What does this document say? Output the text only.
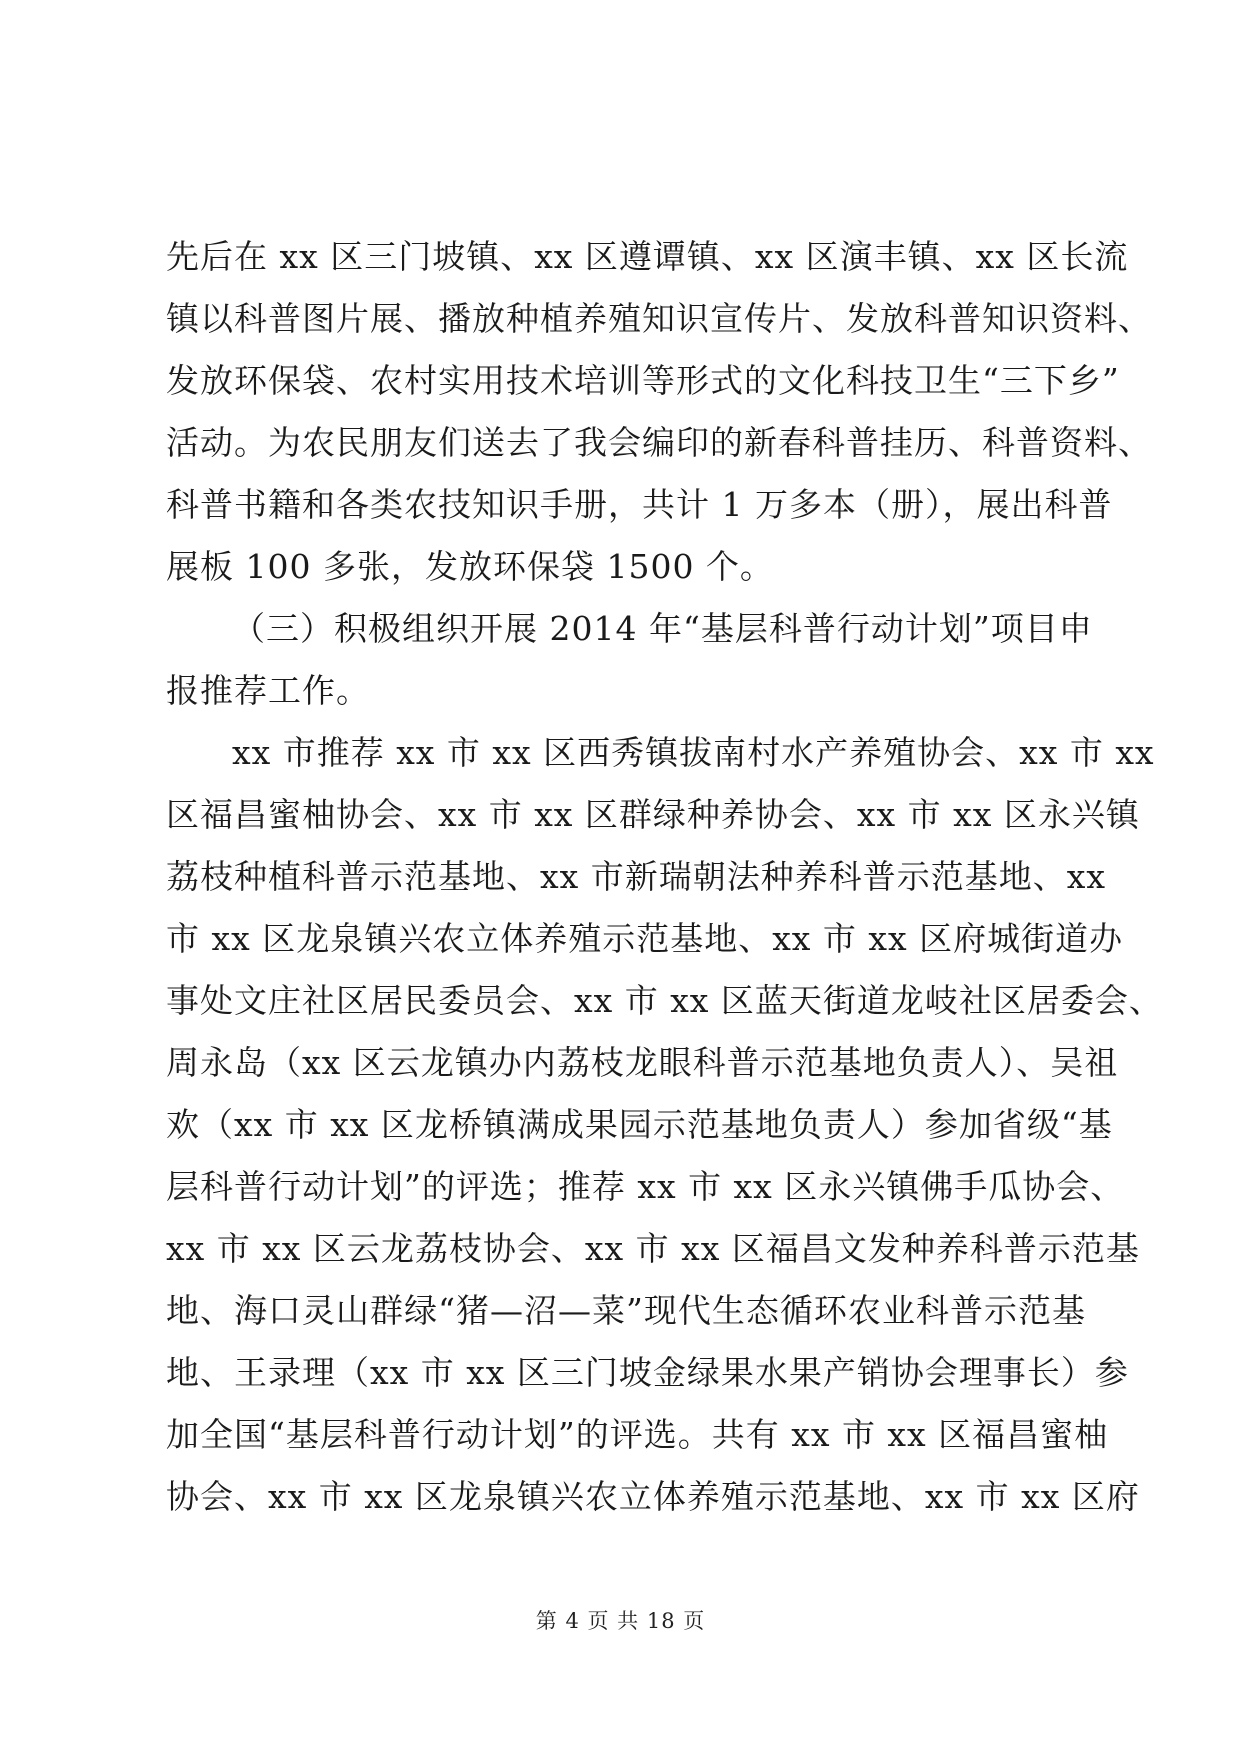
先后在 xx 区三门坡镇、xx 区遵谭镇、xx 区演丰镇、xx 区长流
镇以科普图片展、播放种植养殖知识宣传片、发放科普知识资料、
发放环保袋、农村实用技术培训等形式的文化科技卫生“三下乡”
活动。为农民朋友们送去了我会编印的新春科普挂历、科普资料、
科普书籍和各类农技知识手册，共计 1 万多本（册），展出科普
展板 100 多张，发放环保袋 1500 个。
（三）积极组织开展 2014 年“基层科普行动计划”项目申
报推荐工作。
xx 市推荐 xx 市 xx 区西秀镇拔南村水产养殖协会、xx 市 xx
区福昌蜜柚协会、xx 市 xx 区群绿种养协会、xx 市 xx 区永兴镇
荔枝种植科普示范基地、xx 市新瑞朝法种养科普示范基地、xx
市 xx 区龙泉镇兴农立体养殖示范基地、xx 市 xx 区府城街道办
事处文庄社区居民委员会、xx 市 xx 区蓝天街道龙岐社区居委会、
周永岛（xx 区云龙镇办内荔枝龙眼科普示范基地负责人）、吴祖
欢（xx 市 xx 区龙桥镇满成果园示范基地负责人）参加省级“基
层科普行动计划”的评选；推荐 xx 市 xx 区永兴镇佛手瓜协会、
xx 市 xx 区云龙荔枝协会、xx 市 xx 区福昌文发种养科普示范基
地、海口灵山群绿“猪—沼—菜”现代生态循环农业科普示范基
地、王录理（xx 市 xx 区三门坡金绿果水果产销协会理事长）参
加全国“基层科普行动计划”的评选。共有 xx 市 xx 区福昌蜜柚
协会、xx 市 xx 区龙泉镇兴农立体养殖示范基地、xx 市 xx 区府
第 4 页 共 18 页
